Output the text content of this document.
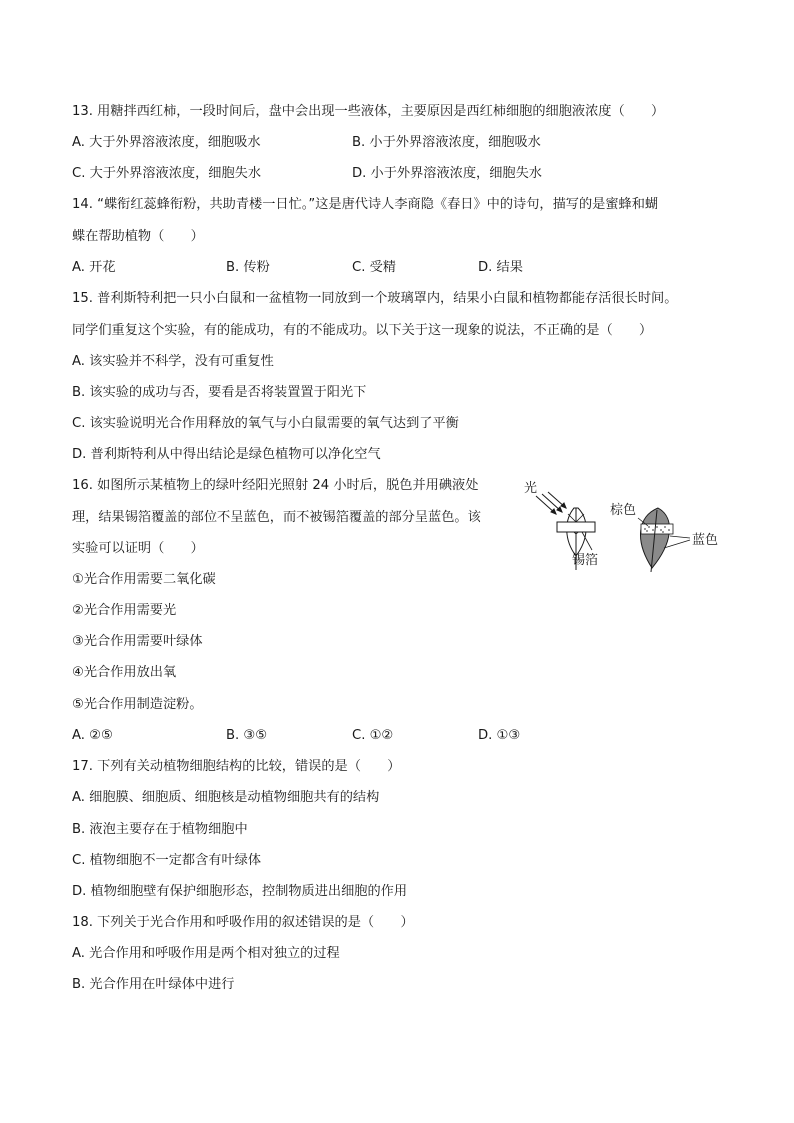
13. 用糖拌西红柿，一段时间后，盘中会出现一些液体，主要原因是西红柿细胞的细胞液浓度（　　）
A. 大于外界溶液浓度，细胞吸水	B. 小于外界溶液浓度，细胞吸水
C. 大于外界溶液浓度，细胞失水	D. 小于外界溶液浓度，细胞失水
14. “蝶衔红蕊蜂衔粉，共助青楼一日忙。”这是唐代诗人李商隐《春日》中的诗句，描写的是蜜蜂和蝴
蝶在帮助植物（　　）
A. 开花	B. 传粉	C. 受精	D. 结果
15. 普利斯特利把一只小白鼠和一盆植物一同放到一个玻璃罩内，结果小白鼠和植物都能存活很长时间。
同学们重复这个实验，有的能成功，有的不能成功。以下关于这一现象的说法，不正确的是（　　）
A. 该实验并不科学，没有可重复性
B. 该实验的成功与否，要看是否将装置置于阳光下
C. 该实验说明光合作用释放的氧气与小白鼠需要的氧气达到了平衡
D. 普利斯特利从中得出结论是绿色植物可以净化空气
16. 如图所示某植物上的绿叶经阳光照射 24 小时后，脱色并用碘液处
理，结果锡箔覆盖的部位不呈蓝色，而不被锡箔覆盖的部分呈蓝色。该
实验可以证明（　　）
①光合作用需要二氧化碳
②光合作用需要光
③光合作用需要叶绿体
④光合作用放出氧
⑤光合作用制造淀粉。
A. ②⑤	B. ③⑤	C. ①②	D. ①③
光
锡箔
棕色
蓝色
17. 下列有关动植物细胞结构的比较，错误的是（　　）
A. 细胞膜、细胞质、细胞核是动植物细胞共有的结构
B. 液泡主要存在于植物细胞中
C. 植物细胞不一定都含有叶绿体
D. 植物细胞壁有保护细胞形态，控制物质进出细胞的作用
18. 下列关于光合作用和呼吸作用的叙述错误的是（　　）
A. 光合作用和呼吸作用是两个相对独立的过程
B. 光合作用在叶绿体中进行
